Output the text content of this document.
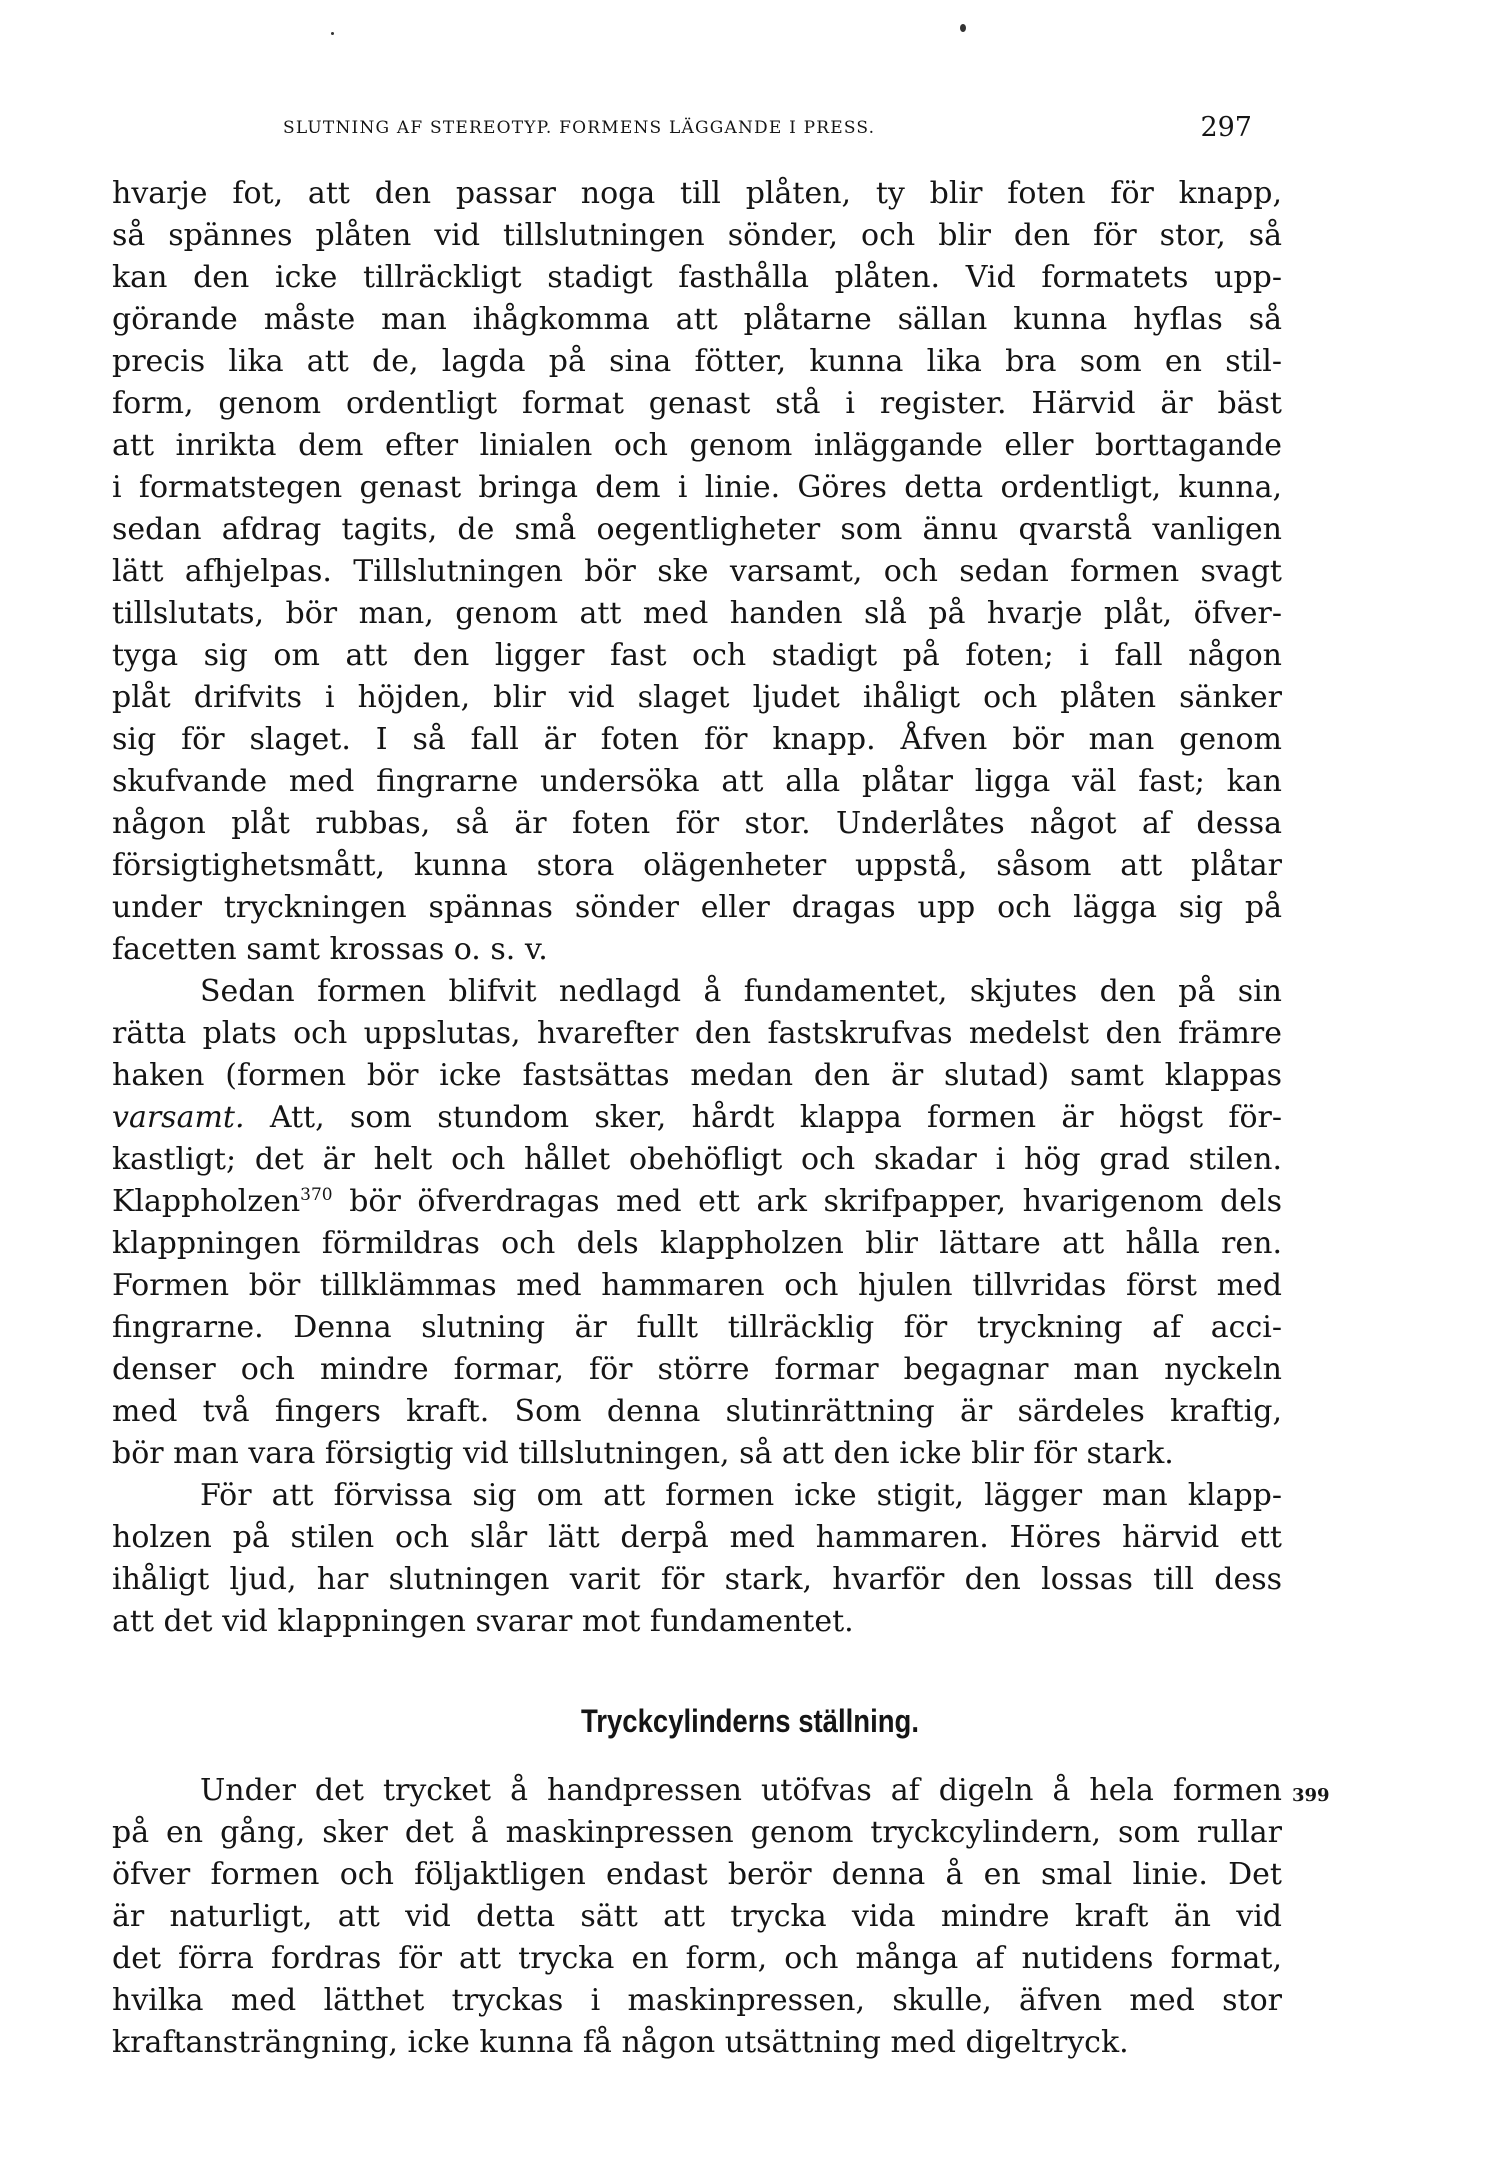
SLUTNING AF STEREOTYP. FORMENS LÄGGANDE I PRESS.	297
hvarje fot, att den passar noga till plåten, ty blir foten för knapp,
så spännes plåten vid tillslutningen sönder, och blir den för stor, så
kan den icke tillräckligt stadigt fasthålla plåten. Vid formatets upp-
görande måste man ihågkomma att plåtarne sällan kunna hyflas så
precis lika att de, lagda på sina fötter, kunna lika bra som en stil-
form, genom ordentligt format genast stå i register. Härvid är bäst
att inrikta dem efter linialen och genom inläggande eller borttagande
i formatstegen genast bringa dem i linie. Göres detta ordentligt, kunna,
sedan afdrag tagits, de små oegentligheter som ännu qvarstå vanligen
lätt afhjelpas. Tillslutningen bör ske varsamt, och sedan formen svagt
tillslutats, bör man, genom att med handen slå på hvarje plåt, öfver-
tyga sig om att den ligger fast och stadigt på foten; i fall någon
plåt drifvits i höjden, blir vid slaget ljudet ihåligt och plåten sänker
sig för slaget. I så fall är foten för knapp. Åfven bör man genom
skufvande med fingrarne undersöka att alla plåtar ligga väl fast; kan
någon plåt rubbas, så är foten för stor. Underlåtes något af dessa
försigtighetsmått, kunna stora olägenheter uppstå, såsom att plåtar
under tryckningen spännas sönder eller dragas upp och lägga sig på
facetten samt krossas o. s. v.
Sedan formen blifvit nedlagd å fundamentet, skjutes den på sin
rätta plats och uppslutas, hvarefter den fastskrufvas medelst den främre
haken (formen bör icke fastsättas medan den är slutad) samt klappas
varsamt. Att, som stundom sker, hårdt klappa formen är högst för-
kastligt; det är helt och hållet obehöfligt och skadar i hög grad stilen.
Klappholzen$^{370}$ bör öfverdragas med ett ark skrifpapper, hvarigenom dels
klappningen förmildras och dels klappholzen blir lättare att hålla ren.
Formen bör tillklämmas med hammaren och hjulen tillvridas först med
fingrarne. Denna slutning är fullt tillräcklig för tryckning af acci-
denser och mindre formar, för större formar begagnar man nyckeln
med två fingers kraft. Som denna slutinrättning är särdeles kraftig,
bör man vara försigtig vid tillslutningen, så att den icke blir för stark.
För att förvissa sig om att formen icke stigit, lägger man klapp-
holzen på stilen och slår lätt derpå med hammaren. Höres härvid ett
ihåligt ljud, har slutningen varit för stark, hvarför den lossas till dess
att det vid klappningen svarar mot fundamentet.
Under det trycket å handpressen utöfvas af digeln å hela formen
på en gång, sker det å maskinpressen genom tryckcylindern, som rullar
öfver formen och följaktligen endast berör denna å en smal linie. Det
är naturligt, att vid detta sätt att trycka vida mindre kraft än vid
det förra fordras för att trycka en form, och många af nutidens format,
hvilka med lätthet tryckas i maskinpressen, skulle, äfven med stor
kraftansträngning, icke kunna få någon utsättning med digeltryck.
Tryckcylinderns ställning.
399
